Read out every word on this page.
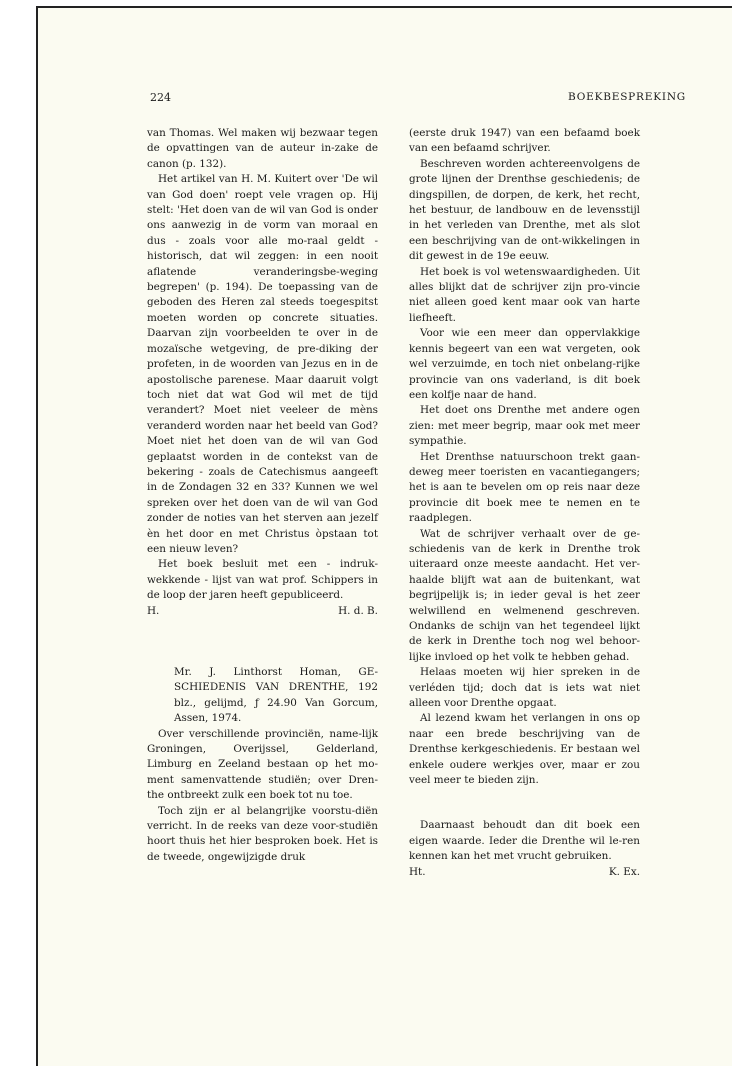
224	BOEKBESPREKING

van Thomas. Wel maken wij bezwaar tegen de opvattingen van de auteur in-zake de canon (p. 132).

Het artikel van H. M. Kuitert over 'De wil van God doen' roept vele vragen op. Hij stelt: 'Het doen van de wil van God is onder ons aanwezig in de vorm van moraal en dus - zoals voor alle mo-raal geldt - historisch, dat wil zeggen: in een nooit aflatende veranderingsbe-weging begrepen' (p. 194). De toepassing van de geboden des Heren zal steeds toegespitst moeten worden op concrete situaties. Daarvan zijn voorbeelden te over in de mozaïsche wetgeving, de pre-diking der profeten, in de woorden van Jezus en in de apostolische parenese. Maar daaruit volgt toch niet dat wat God wil met de tijd verandert? Moet niet veeleer de mèns veranderd worden naar het beeld van God? Moet niet het doen van de wil van God geplaatst worden in de contekst van de bekering - zoals de Catechismus aangeeft in de Zondagen 32 en 33? Kunnen we wel spreken over het doen van de wil van God zonder de noties van het sterven aan jezelf èn het door en met Christus òpstaan tot een nieuw leven?

Het boek besluit met een - indruk-wekkende - lijst van wat prof. Schippers in de loop der jaren heeft gepubliceerd.

H.	H. d. B.
Mr. J. Linthorst Homan, GE-SCHIEDENIS VAN DRENTHE, 192 blz., gelijmd, ƒ 24.90 Van Gorcum, Assen, 1974.

Over verschillende provinciën, name-lijk Groningen, Overijssel, Gelderland, Limburg en Zeeland bestaan op het mo-ment samenvattende studiën; over Dren-the ontbreekt zulk een boek tot nu toe.

Toch zijn er al belangrijke voorstu-diën verricht. In de reeks van deze voor-studiën hoort thuis het hier besproken boek. Het is de tweede, ongewijzigde druk

(eerste druk 1947) van een befaamd boek van een befaamd schrijver.

Beschreven worden achtereenvolgens de grote lijnen der Drenthse geschiedenis; de dingspillen, de dorpen, de kerk, het recht, het bestuur, de landbouw en de levensstijl in het verleden van Drenthe, met als slot een beschrijving van de ont-wikkelingen in dit gewest in de 19e eeuw.

Het boek is vol wetenswaardigheden. Uit alles blijkt dat de schrijver zijn pro-vincie niet alleen goed kent maar ook van harte liefheeft.

Voor wie een meer dan oppervlakkige kennis begeert van een wat vergeten, ook wel verzuimde, en toch niet onbelang-rijke provincie van ons vaderland, is dit boek een kolfje naar de hand.

Het doet ons Drenthe met andere ogen zien: met meer begrip, maar ook met meer sympathie.

Het Drenthse natuurschoon trekt gaan-deweg meer toeristen en vacantiegangers; het is aan te bevelen om op reis naar deze provincie dit boek mee te nemen en te raadplegen.

Wat de schrijver verhaalt over de ge-schiedenis van de kerk in Drenthe trok uiteraard onze meeste aandacht. Het ver-haalde blijft wat aan de buitenkant, wat begrijpelijk is; in ieder geval is het zeer welwillend en welmenend geschreven. Ondanks de schijn van het tegendeel lijkt de kerk in Drenthe toch nog wel behoor-lijke invloed op het volk te hebben gehad.

Helaas moeten wij hier spreken in de verléden tijd; doch dat is iets wat niet alleen voor Drenthe opgaat.

Al lezend kwam het verlangen in ons op naar een brede beschrijving van de Drenthse kerkgeschiedenis. Er bestaan wel enkele oudere werkjes over, maar er zou veel meer te bieden zijn.

Daarnaast behoudt dan dit boek een eigen waarde. Ieder die Drenthe wil le-ren kennen kan het met vrucht gebruiken.

Ht.	K. Ex.
